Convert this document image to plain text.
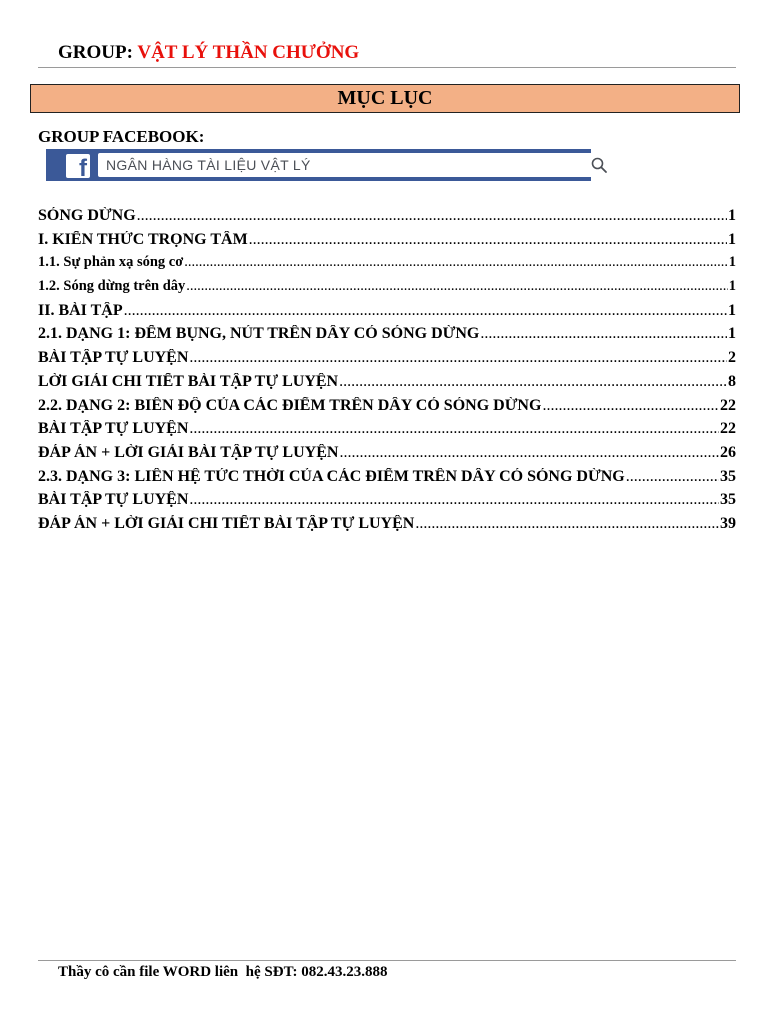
GROUP: VẬT LÝ THẦN CHƯỞNG
MỤC LỤC
GROUP FACEBOOK:
f NGÂN HÀNG TÀI LIỆU VẬT LÝ
SÓNG DỪNG .....	1
I. KIẾN THỨC TRỌNG TÂM .....	1
1.1. Sự phản xạ sóng cơ .....	1
1.2. Sóng dừng trên dây .....	1
II. BÀI TẬP .....	1
2.1. DẠNG 1: ĐẾM BỤNG, NÚT TRÊN DÂY CÓ SÓNG DỪNG .....	1
BÀI TẬP TỰ LUYỆN .....	2
LỜI GIẢI CHI TIẾT BÀI TẬP TỰ LUYỆN .....	8
2.2. DẠNG 2: BIÊN ĐỘ CỦA CÁC ĐIỂM TRÊN DÂY CÓ SÓNG DỪNG .....	22
BÀI TẬP TỰ LUYỆN .....	22
ĐÁP ÁN + LỜI GIẢI BÀI TẬP TỰ LUYỆN .....	26
2.3. DẠNG 3: LIÊN HỆ TỨC THỜI CỦA CÁC ĐIỂM TRÊN DÂY CÓ SÓNG DỪNG .....	35
BÀI TẬP TỰ LUYỆN .....	35
ĐÁP ÁN + LỜI GIẢI CHI TIẾT BÀI TẬP TỰ LUYỆN .....	39
Thầy cô cần file WORD liên  hệ SĐT: 082.43.23.888
